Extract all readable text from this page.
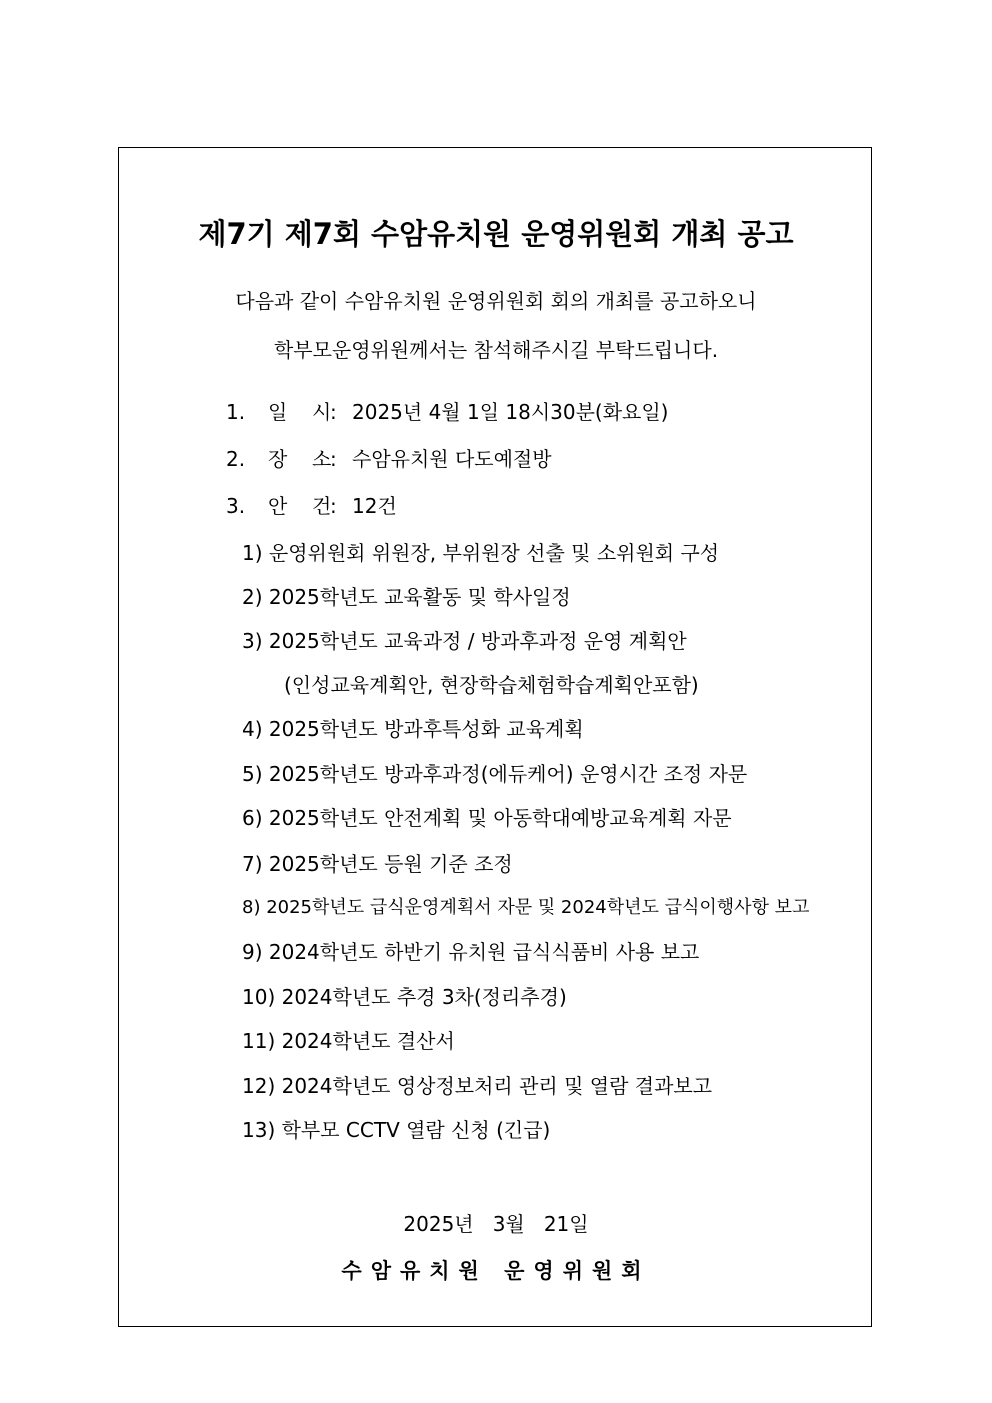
제7기 제7회 수암유치원 운영위원회 개최 공고
다음과 같이 수암유치원 운영위원회 회의 개최를 공고하오니
학부모운영위원께서는 참석해주시길 부탁드립니다.
1. 일 시: 2025년 4월 1일 18시30분(화요일)
2. 장 소: 수암유치원 다도예절방
3. 안 건: 12건
1) 운영위원회 위원장, 부위원장 선출 및 소위원회 구성
2) 2025학년도 교육활동 및 학사일정
3) 2025학년도 교육과정 / 방과후과정 운영 계획안
(인성교육계획안, 현장학습체험학습계획안포함)
4) 2025학년도 방과후특성화 교육계획
5) 2025학년도 방과후과정(에듀케어) 운영시간 조정 자문
6) 2025학년도 안전계획 및 아동학대예방교육계획 자문
7) 2025학년도 등원 기준 조정
8) 2025학년도 급식운영계획서 자문 및 2024학년도 급식이행사항 보고
9) 2024학년도 하반기 유치원 급식식품비 사용 보고
10) 2024학년도 추경 3차(정리추경)
11) 2024학년도 결산서
12) 2024학년도 영상정보처리 관리 및 열람 결과보고
13) 학부모 CCTV 열람 신청 (긴급)
2025년   3월   21일
수암유치원 운영위원회
